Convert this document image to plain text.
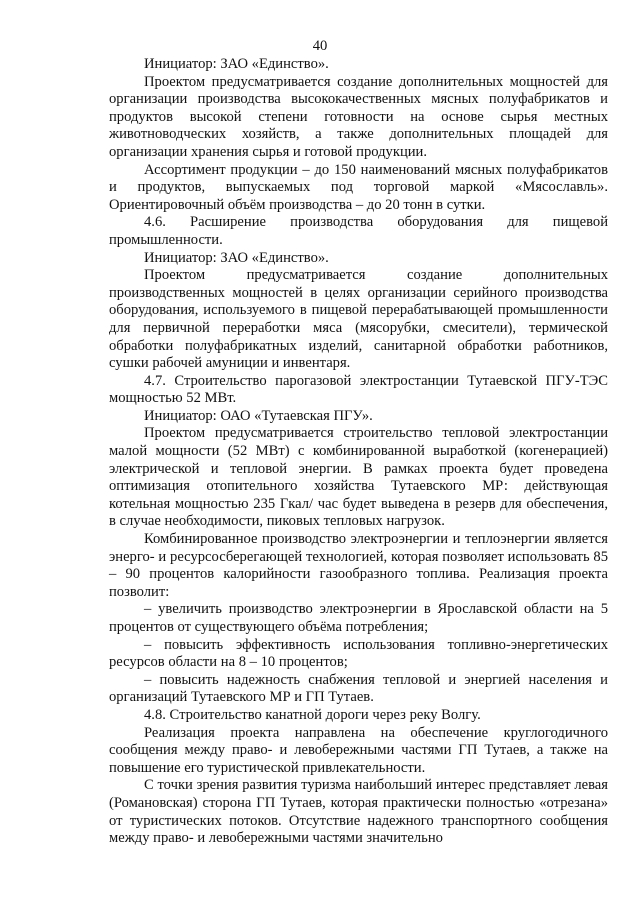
40

Инициатор: ЗАО «Единство».

Проектом предусматривается создание дополнительных мощностей для организации производства высококачественных мясных полуфабрикатов и продуктов высокой степени готовности на основе сырья местных животноводческих хозяйств, а также дополнительных площадей для организации хранения сырья и готовой продукции.

Ассортимент продукции – до 150 наименований мясных полуфабрикатов и продуктов, выпускаемых под торговой маркой «Мясославль». Ориентировочный объём производства – до 20 тонн в сутки.

4.6. Расширение производства оборудования для пищевой промышленности.

Инициатор: ЗАО «Единство».

Проектом предусматривается создание дополнительных производственных мощностей в целях организации серийного производства оборудования, используемого в пищевой перерабатывающей промышленности для первичной переработки мяса (мясорубки, смесители), термической обработки полуфабрикатных изделий, санитарной обработки работников, сушки рабочей амуниции и инвентаря.

4.7. Строительство парогазовой электростанции Тутаевской ПГУ-ТЭС мощностью 52 МВт.

Инициатор: ОАО «Тутаевская ПГУ».

Проектом предусматривается строительство тепловой электростанции малой мощности (52 МВт) с комбинированной выработкой (когенерацией) электрической и тепловой энергии. В рамках проекта будет проведена оптимизация отопительного хозяйства Тутаевского МР: действующая котельная мощностью 235 Гкал/ час будет выведена в резерв для обеспечения, в случае необходимости, пиковых тепловых нагрузок.

Комбинированное производство электроэнергии и теплоэнергии является энерго- и ресурсосберегающей технологией, которая позволяет использовать 85 – 90 процентов калорийности газообразного топлива. Реализация проекта позволит:

– увеличить производство электроэнергии в Ярославской области на 5 процентов от существующего объёма потребления;

– повысить эффективность использования топливно-энергетических ресурсов области на 8 – 10 процентов;

– повысить надежность снабжения тепловой и энергией населения и организаций Тутаевского МР и ГП Тутаев.

4.8. Строительство канатной дороги через реку Волгу.

Реализация проекта направлена на обеспечение круглогодичного сообщения между право- и левобережными частями ГП Тутаев, а также на повышение его туристической привлекательности.

С точки зрения развития туризма наибольший интерес представляет левая (Романовская) сторона ГП Тутаев, которая практически полностью «отрезана» от туристических потоков. Отсутствие надежного транспортного сообщения между право- и левобережными частями значительно
